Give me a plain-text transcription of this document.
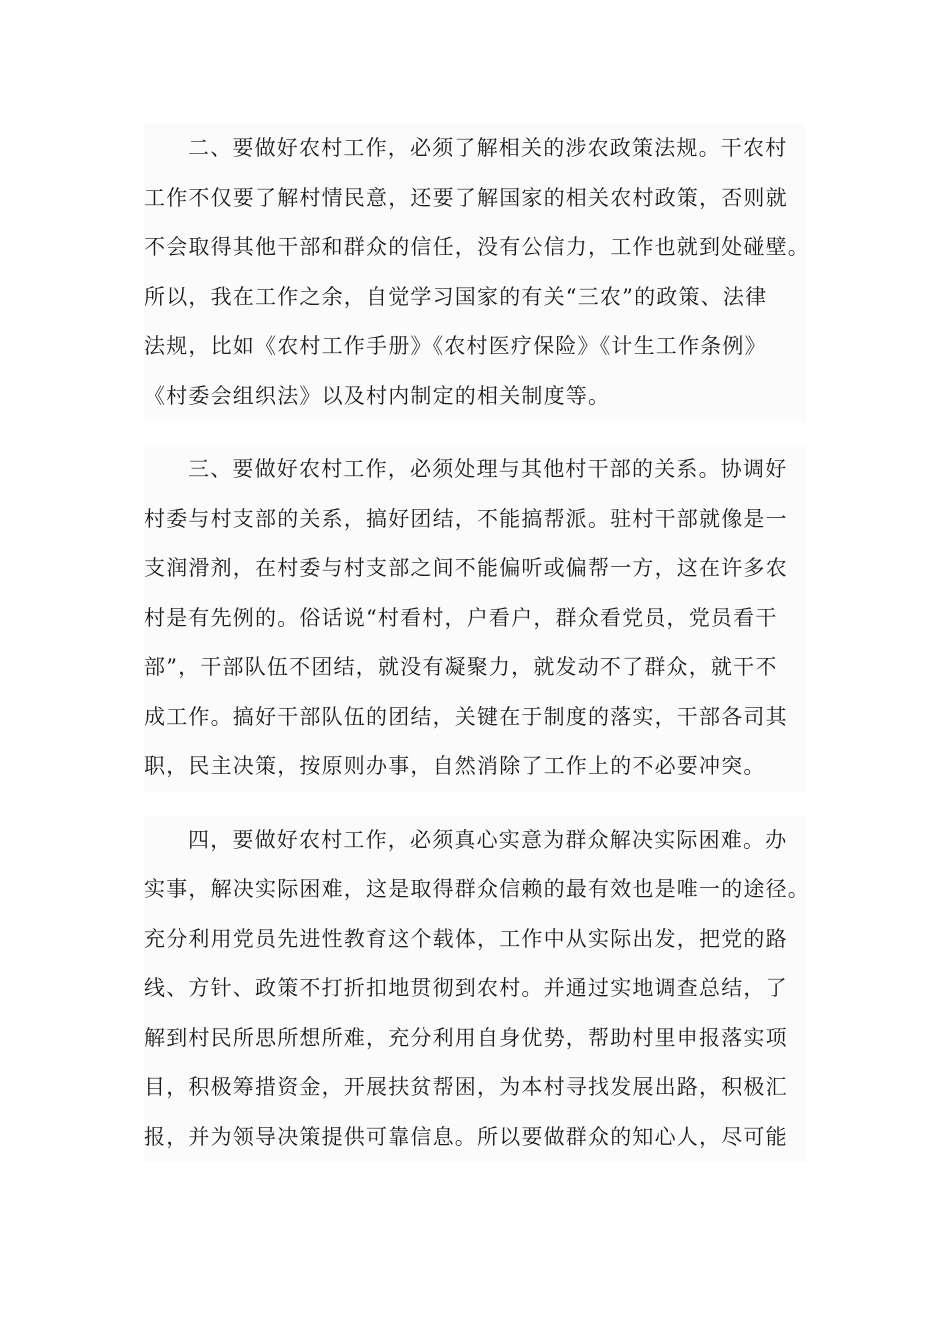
二、要做好农村工作，必须了解相关的涉农政策法规。干农村
工作不仅要了解村情民意，还要了解国家的相关农村政策，否则就
不会取得其他干部和群众的信任，没有公信力，工作也就到处碰壁。
所以，我在工作之余，自觉学习国家的有关“三农”的政策、法律
法规，比如《农村工作手册》《农村医疗保险》《计生工作条例》
《村委会组织法》以及村内制定的相关制度等。
三、要做好农村工作，必须处理与其他村干部的关系。协调好
村委与村支部的关系，搞好团结，不能搞帮派。驻村干部就像是一
支润滑剂，在村委与村支部之间不能偏听或偏帮一方，这在许多农
村是有先例的。俗话说“村看村，户看户，群众看党员，党员看干
部”，干部队伍不团结，就没有凝聚力，就发动不了群众，就干不
成工作。搞好干部队伍的团结，关键在于制度的落实，干部各司其
职，民主决策，按原则办事，自然消除了工作上的不必要冲突。
四，要做好农村工作，必须真心实意为群众解决实际困难。办
实事，解决实际困难，这是取得群众信赖的最有效也是唯一的途径。
充分利用党员先进性教育这个载体，工作中从实际出发，把党的路
线、方针、政策不打折扣地贯彻到农村。并通过实地调查总结，了
解到村民所思所想所难，充分利用自身优势，帮助村里申报落实项
目，积极筹措资金，开展扶贫帮困，为本村寻找发展出路，积极汇
报，并为领导决策提供可靠信息。所以要做群众的知心人，尽可能
